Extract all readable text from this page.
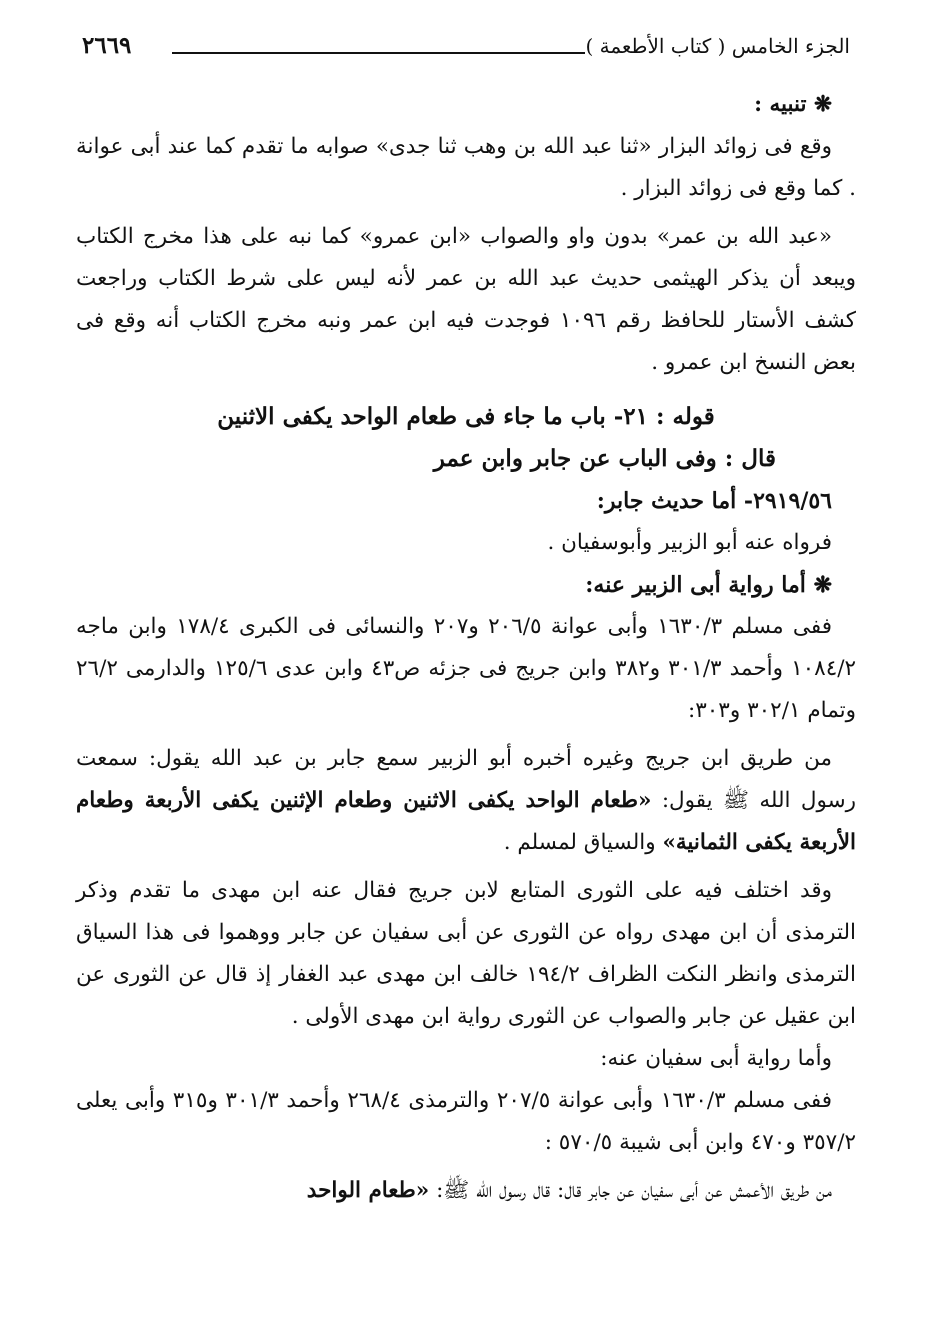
الجزء الخامس ( كتاب الأطعمة )
٢٦٦٩

❋ تنبيه :

وقع فى زوائد البزار «ثنا عبد الله بن وهب ثنا جدى» صوابه ما تقدم كما عند أبى عوانة . كما وقع فى زوائد البزار .

«عبد الله بن عمر» بدون واو والصواب «ابن عمرو» كما نبه على هذا مخرج الكتاب ويبعد أن يذكر الهيثمى حديث عبد الله بن عمر لأنه ليس على شرط الكتاب وراجعت كشف الأستار للحافظ رقم ١٠٩٦ فوجدت فيه ابن عمر ونبه مخرج الكتاب أنه وقع فى بعض النسخ ابن عمرو .

قوله : ٢١- باب ما جاء فى طعام الواحد يكفى الاثنين

قال : وفى الباب عن جابر وابن عمر

٢٩١٩/٥٦- أما حديث جابر:

فرواه عنه أبو الزبير وأبوسفيان .

❋ أما رواية أبى الزبير عنه:

ففى مسلم ١٦٣٠/٣ وأبى عوانة ٢٠٦/٥ و٢٠٧ والنسائى فى الكبرى ١٧٨/٤ وابن ماجه ١٠٨٤/٢ وأحمد ٣٠١/٣ و٣٨٢ وابن جريج فى جزئه ص٤٣ وابن عدى ١٢٥/٦ والدارمى ٢٦/٢ وتمام ٣٠٢/١ و٣٠٣:

من طريق ابن جريج وغيره أخبره أبو الزبير سمع جابر بن عبد الله يقول: سمعت رسول الله ﷺ يقول: «طعام الواحد يكفى الاثنين وطعام الإثنين يكفى الأربعة وطعام الأربعة يكفى الثمانية» والسياق لمسلم .

وقد اختلف فيه على الثورى المتابع لابن جريج فقال عنه ابن مهدى ما تقدم وذكر الترمذى أن ابن مهدى رواه عن الثورى عن أبى سفيان عن جابر ووهموا فى هذا السياق الترمذى وانظر النكت الظراف ١٩٤/٢ خالف ابن مهدى عبد الغفار إذ قال عن الثورى عن ابن عقيل عن جابر والصواب عن الثورى رواية ابن مهدى الأولى .

وأما رواية أبى سفيان عنه:

ففى مسلم ١٦٣٠/٣ وأبى عوانة ٢٠٧/٥ والترمذى ٢٦٨/٤ وأحمد ٣٠١/٣ و٣١٥ وأبى يعلى ٣٥٧/٢ و٤٧٠ وابن أبى شيبة ٥٧٠/٥ :

من طريق الأعمش عن أبى سفيان عن جابر قال: قال رسول الله ﷺ: «طعام الواحد
